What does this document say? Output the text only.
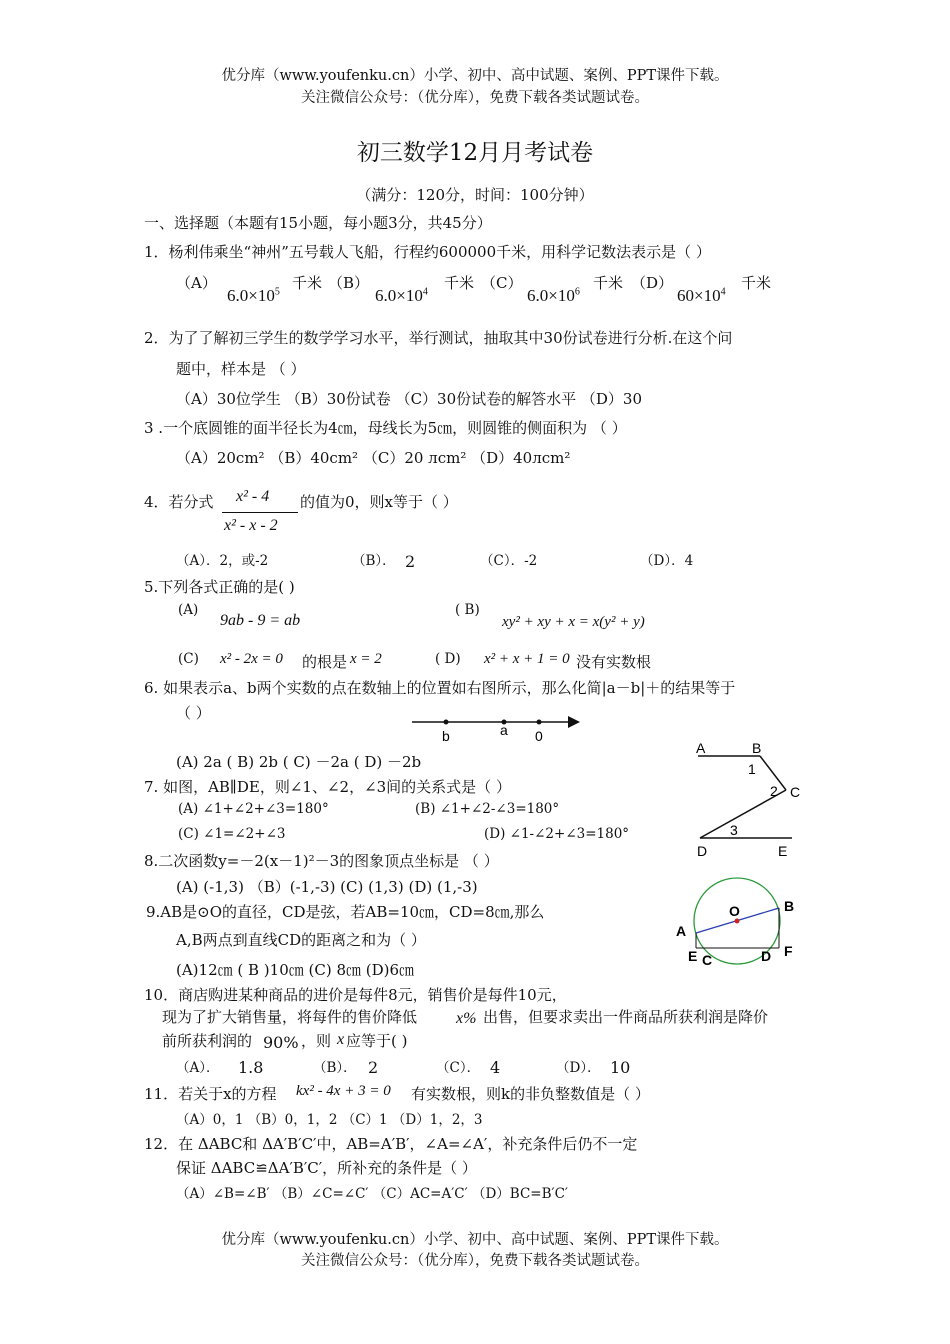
优分库（www.youfenku.cn）小学、初中、高中试题、案例、PPT课件下载。
关注微信公众号：（优分库），免费下载各类试题试卷。
初三数学12月月考试卷
（满分：120分，时间：100分钟）
一、选择题（本题有15小题，每小题3分，共45分）
1．杨利伟乘坐“神州”五号载人飞船，行程约600000千米，用科学记数法表示是（ ）
（A）
$6.0\times 10^5$ 千米 （B）
$6.0\times 10^4$ 千米 （C）
$6.0\times 10^6$ 千米 （D）
$60\times 10^4$ 千米
2．为了了解初三学生的数学学习水平，举行测试，抽取其中30份试卷进行分析.在这个问
题中，样本是 （ ）
（A）30位学生 （B）30份试卷 （C）30份试卷的解答水平 （D）30
3 .一个底圆锥的面半径长为4㎝，母线长为5㎝，则圆锥的侧面积为 （ ）
（A）20cm² （B）40cm² （C）20 лcm² （D）40лcm²
4．若分式 x² - 4
x² - x - 2
的值为0，则x等于（ ）
（A）．2，或-2	（B）． 2	（C）．-2	（D）．4
5.下列各式正确的是( )
(A)
9ab - 9 = ab
( B)
xy² + xy + x = x(y² + y)
(C) x² - 2x = 0 的根是 x = 2	( D) x² + x + 1 = 0 没有实数根
6. 如果表示a、b两个实数的点在数轴上的位置如右图所示，那么化简|a－b|＋的结果等于
（ ）
b	a 0
(A) 2a ( B) 2b ( C) －2a ( D) －2b
7. 如图，AB∥DE，则∠1、∠2，∠3间的关系式是（ ）
(A) ∠1+∠2+∠3=180°	(B) ∠1+∠2-∠3=180°
(C) ∠1=∠2+∠3	(D) ∠1-∠2+∠3=180°
A	B
C
D	E
1
2
3
8.二次函数y=－2(x－1)²－3的图象顶点坐标是 （ ）
(A) (-1,3) （B）(-1,-3) (C) (1,3) (D) (1,-3)
9.AB是⊙O的直径，CD是弦，若AB=10㎝，CD=8㎝,那么
A,B两点到直线CD的距离之和为（ ）
(A)12㎝ ( B )10㎝ (C) 8㎝ (D)6㎝
O	B
A
E C	D F
10．商店购进某种商品的进价是每件8元，销售价是每件10元，
现为了扩大销售量，将每件的售价降低 x% 出售，但要求卖出一件商品所获利润是降价
前所获利润的 90% ，则 x 应等于( )
（A）． 1.8	（B）． 2	（C）． 4	（D）． 10
11．若关于x的方程 kx² - 4x + 3 = 0 有实数根，则k的非负整数值是（ ）
（A）0，1 （B）0，1，2 （C）1 （D）1，2，3
12．在 ΔABC和 ΔA′B′C′中，AB=A′B′，∠A=∠A′，补充条件后仍不一定
保证 ΔABC≌ΔA′B′C′，所补充的条件是（ ）
（A）∠B=∠B′ （B）∠C=∠C′ （C）AC=A′C′ （D）BC=B′C′
优分库（www.youfenku.cn）小学、初中、高中试题、案例、PPT课件下载。
关注微信公众号：（优分库），免费下载各类试题试卷。
